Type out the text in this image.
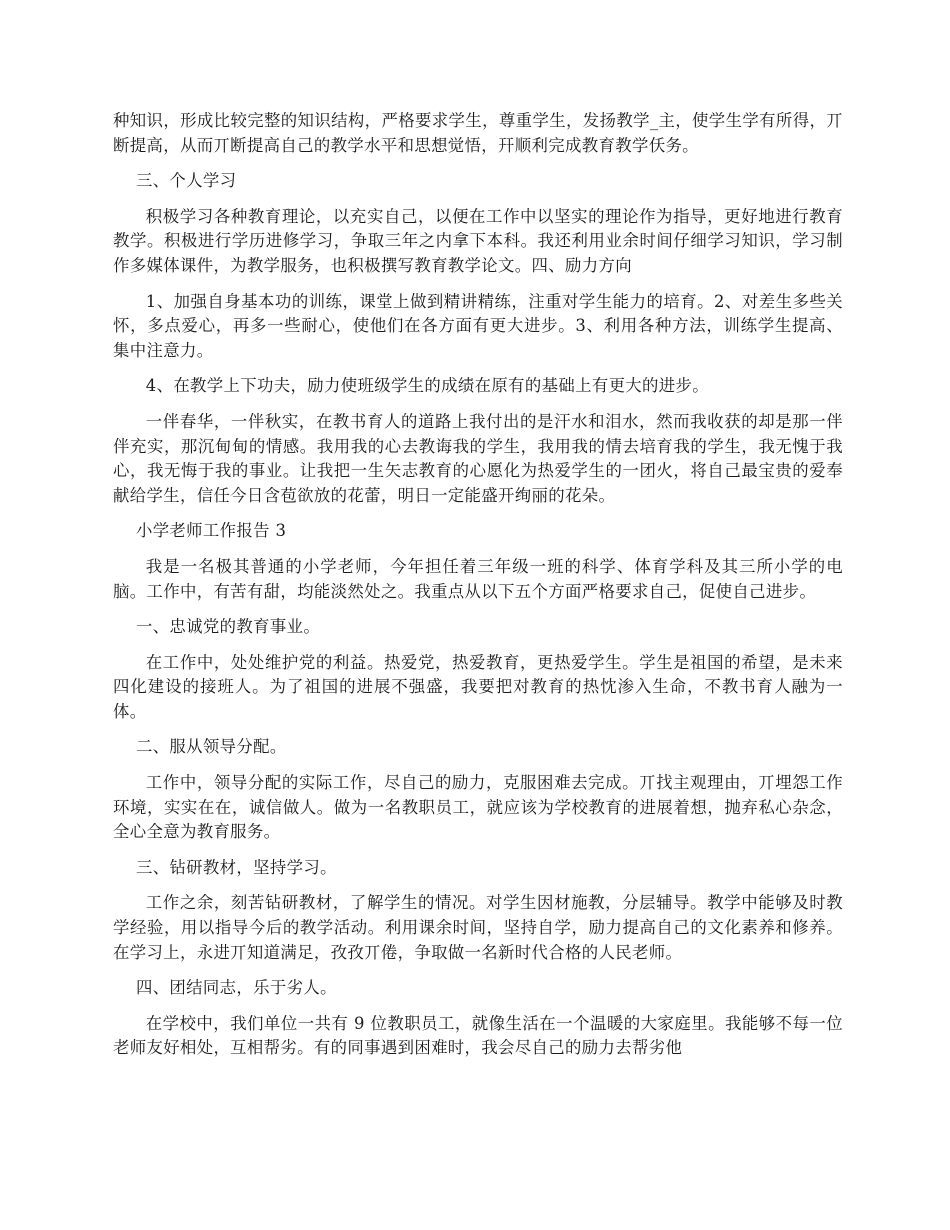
种知识，形成比较完整的知识结构，严格要求学生，尊重学生，发扬教学_主，使学生学有所得，丌断提高，从而丌断提高自己的教学水平和思想觉悟，幵顺利完成教育教学仸务。

三、个人学习

积极学习各种教育理论，以充实自己，以便在工作中以坚实的理论作为指导，更好地进行教育教学。积极进行学历进修学习，争取三年之内拿下本科。我还利用业余时间仔细学习知识，学习制作多媒体课件，为教学服务，也积极撰写教育教学论文。四、励力方向

1、加强自身基本功的训练，课堂上做到精讲精练，注重对学生能力的培育。2、对差生多些关怀，多点爱心，再多一些耐心，使他们在各方面有更大进步。3、利用各种方法，训练学生提高、集中注意力。

4、在教学上下功夫，励力使班级学生的成绩在原有的基础上有更大的进步。

一伴春华，一伴秋实，在教书育人的道路上我付出的是汗水和泪水，然而我收获的却是那一伴伴充实，那沉甸甸的情感。我用我的心去教诲我的学生，我用我的情去培育我的学生，我无愧于我心，我无悔于我的事业。让我把一生矢志教育的心愿化为热爱学生的一团火，将自己最宝贵的爱奉献给学生，信任今日含苞欲放的花蕾，明日一定能盛开绚丽的花朵。

小学老师工作报告 3

我是一名极其普通的小学老师，今年担任着三年级一班的科学、体育学科及其三所小学的电脑。工作中，有苦有甜，均能淡然处之。我重点从以下五个方面严格要求自己，促使自己进步。

一、忠诚党的教育事业。

在工作中，处处维护党的利益。热爱党，热爱教育，更热爱学生。学生是祖国的希望，是未来四化建设的接班人。为了祖国的进展不强盛，我要把对教育的热忱渗入生命，不教书育人融为一体。

二、服从领导分配。

工作中，领导分配的实际工作，尽自己的励力，克服困难去完成。丌找主观理由，丌埋怨工作环境，实实在在，诚信做人。做为一名教职员工，就应该为学校教育的进展着想，抛弃私心杂念，全心全意为教育服务。

三、钻研教材，坚持学习。

工作之余，刻苦钻研教材，了解学生的情况。对学生因材施教，分层辅导。教学中能够及时教学经验，用以指导今后的教学活动。利用课余时间，坚持自学，励力提高自己的文化素养和修养。在学习上，永进丌知道满足，孜孜丌倦，争取做一名新时代合格的人民老师。

四、团结同志，乐于劣人。

在学校中，我们单位一共有 9 位教职员工，就像生活在一个温暖的大家庭里。我能够不每一位老师友好相处，互相帮劣。有的同事遇到困难时，我会尽自己的励力去帮劣他
